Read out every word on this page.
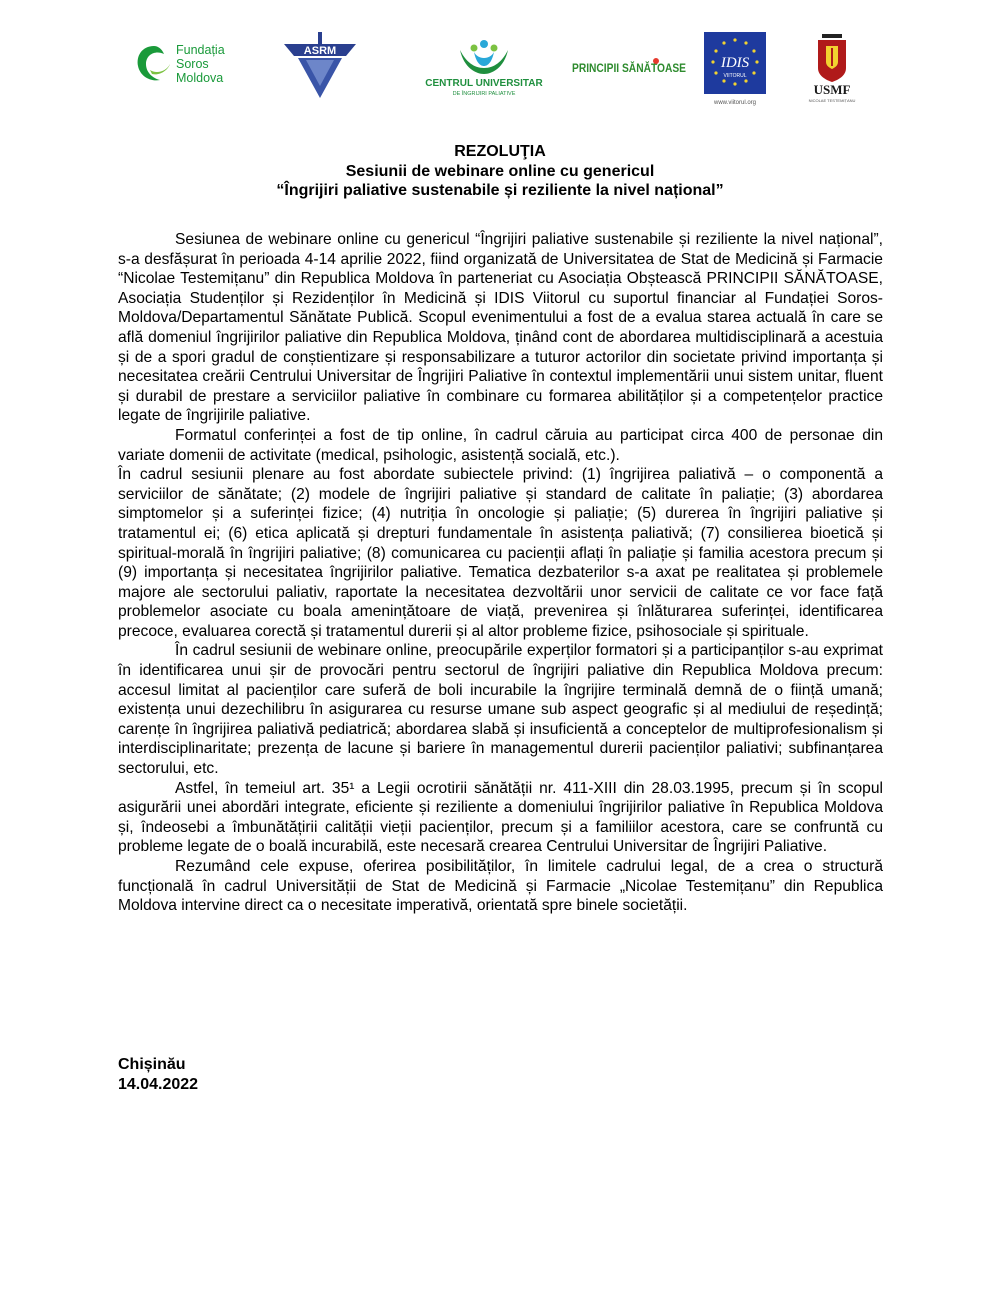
Fundația
Soros
Moldova
ASRM
CENTRUL UNIVERSITAR
DE ÎNGRIJIRI PALIATIVE
PRINCIPII SĂNĂTOASE IDIS
VIITORUL
www.viitorul.org
USMF
NICOLAE TESTEMIȚANU
REZOLUŢIA
Sesiunii de webinare online cu genericul
“Îngrijiri paliative sustenabile și reziliente la nivel național”

Sesiunea de webinare online cu genericul “Îngrijiri paliative sustenabile și reziliente la nivel național”, s-a desfășurat în perioada 4-14 aprilie 2022, fiind organizată de Universitatea de Stat de Medicină și Farmacie “Nicolae Testemițanu” din Republica Moldova în parteneriat cu Asociația Obștească PRINCIPII SĂNĂTOASE, Asociația Studenților și Rezidenților în Medicină și IDIS Viitorul cu suportul financiar al Fundației Soros- Moldova/Departamentul Sănătate Publică. Scopul evenimentului a fost de a evalua starea actuală în care se află domeniul îngrijirilor paliative din Republica Moldova, ținând cont de abordarea multidisciplinară a acestuia și de a spori gradul de conștientizare și responsabilizare a tuturor actorilor din societate privind importanța și necesitatea creării Centrului Universitar de Îngrijiri Paliative în contextul implementării unui sistem unitar, fluent și durabil de prestare a serviciilor paliative în combinare cu formarea abilităților și a competențelor practice legate de îngrijirile paliative.

Formatul conferinței a fost de tip online, în cadrul căruia au participat circa 400 de personae din variate domenii de activitate (medical, psihologic, asistență socială, etc.).

În cadrul sesiunii plenare au fost abordate subiectele privind: (1) îngrijirea paliativă – o componentă a serviciilor de sănătate; (2) modele de îngrijiri paliative și standard de calitate în paliație; (3) abordarea simptomelor și a suferinței fizice; (4) nutriția în oncologie și paliație; (5) durerea în îngrijiri paliative și tratamentul ei; (6) etica aplicată și drepturi fundamentale în asistența paliativă; (7) consilierea bioetică și spiritual-morală în îngrijiri paliative; (8) comunicarea cu pacienții aflați în paliație și familia acestora precum și (9) importanța și necesitatea îngrijirilor paliative. Tematica dezbaterilor s-a axat pe realitatea și problemele majore ale sectorului paliativ, raportate la necesitatea dezvoltării unor servicii de calitate ce vor face față problemelor asociate cu boala amenințătoare de viață, prevenirea și înlăturarea suferinței, identificarea precoce, evaluarea corectă și tratamentul durerii și al altor probleme fizice, psihosociale și spirituale.

În cadrul sesiunii de webinare online, preocupările experților formatori și a participanților s-au exprimat în identificarea unui șir de provocări pentru sectorul de îngrijiri paliative din Republica Moldova precum: accesul limitat al pacienților care suferă de boli incurabile la îngrijire terminală demnă de o ființă umană; existența unui dezechilibru în asigurarea cu resurse umane sub aspect geografic și al mediului de reședință; carențe în îngrijirea paliativă pediatrică; abordarea slabă și insuficientă a conceptelor de multiprofesionalism și interdisciplinaritate; prezența de lacune și bariere în managementul durerii pacienților paliativi; subfinanțarea sectorului, etc.

Astfel, în temeiul art. 35¹ a Legii ocrotirii sănătății nr. 411-XIII din 28.03.1995, precum și în scopul asigurării unei abordări integrate, eficiente și reziliente a domeniului îngrijirilor paliative în Republica Moldova și, îndeosebi a îmbunătățirii calității vieții pacienților, precum și a familiilor acestora, care se confruntă cu probleme legate de o boală incurabilă, este necesară crearea Centrului Universitar de Îngrijiri Paliative.

Rezumând cele expuse, oferirea posibilităților, în limitele cadrului legal, de a crea o structură funcțională în cadrul Universității de Stat de Medicină și Farmacie „Nicolae Testemițanu” din Republica Moldova intervine direct ca o necesitate imperativă, orientată spre binele societății.

Chișinău
14.04.2022
